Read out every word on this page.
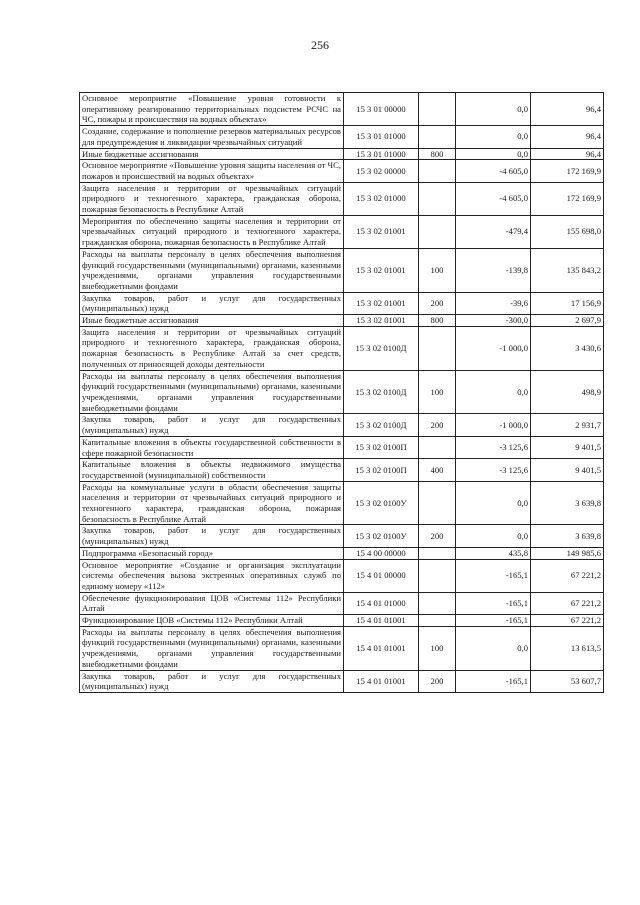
256
Основное мероприятие «Повышение уровня готовности к оперативному реагированию территориальных подсистем РСЧС на ЧС, пожары и происшествия на водных объектах»	15 3 01 00000		0,0	96,4
Создание, содержание и пополнение резервов материальных ресурсов для предупреждения и ликвидации чрезвычайных ситуаций	15 3 01 01000		0,0	96,4
Иные бюджетные ассигнования	15 3 01 01000	800	0,0	96,4
Основное мероприятие «Повышение уровня защиты населения от ЧС, пожаров и происшествий на водных объектах»	15 3 02 00000		-4 605,0	172 169,9
Защита населения и территории от чрезвычайных ситуаций природного и техногенного характера, гражданская оборона, пожарная безопасность в Республике Алтай	15 3 02 01000		-4 605,0	172 169,9
Мероприятия по обеспечению защиты населения и территории от чрезвычайных ситуаций природного и техногенного характера, гражданская оборона, пожарная безопасность в Республике Алтай	15 3 02 01001		-479,4	155 698,0
Расходы на выплаты персоналу в целях обеспечения выполнения функций государственными (муниципальными) органами, казенными учреждениями, органами управления государственными внебюджетными фондами	15 3 02 01001	100	-139,8	135 843,2
Закупка товаров, работ и услуг для государственных (муниципальных) нужд	15 3 02 01001	200	-39,6	17 156,9
Иные бюджетные ассигнования	15 3 02 01001	800	-300,0	2 697,9
Защита населения и территории от чрезвычайных ситуаций природного и техногенного характера, гражданская оборона, пожарная безопасность в Республике Алтай за счет средств, полученных от приносящей доходы деятельности	15 3 02 0100Д		-1 000,0	3 430,6
Расходы на выплаты персоналу в целях обеспечения выполнения функций государственными (муниципальными) органами, казенными учреждениями, органами управления государственными внебюджетными фондами	15 3 02 0100Д	100	0,0	498,9
Закупка товаров, работ и услуг для государственных (муниципальных) нужд	15 3 02 0100Д	200	-1 000,0	2 931,7
Капитальные вложения в объекты государственной собственности в сфере пожарной безопасности	15 3 02 0100П		-3 125,6	9 401,5
Капитальные вложения в объекты недвижимого имущества государственной (муниципальной) собственности	15 3 02 0100П	400	-3 125,6	9 401,5
Расходы на коммунальные услуги в области обеспечения защиты населения и территории от чрезвычайных ситуаций природного и техногенного характера, гражданская оборона, пожарная безопасность в Республике Алтай	15 3 02 0100У		0,0	3 639,8
Закупка товаров, работ и услуг для государственных (муниципальных) нужд	15 3 02 0100У	200	0,0	3 639,8
Подпрограмма «Безопасный город»	15 4 00 00000		435,8	149 985,6
Основное мероприятие «Создание и организация эксплуатации системы обеспечения вызова экстренных оперативных служб по единому номеру «112»	15 4 01 00000		-165,1	67 221,2
Обеспечение функционирования ЦОВ «Системы 112» Республики Алтай	15 4 01 01000		-165,1	67 221,2
Функционирование ЦОВ «Системы 112» Республики Алтай	15 4 01 01001		-165,1	67 221,2
Расходы на выплаты персоналу в целях обеспечения выполнения функций государственными (муниципальными) органами, казенными учреждениями, органами управления государственными внебюджетными фондами	15 4 01 01001	100	0,0	13 613,5
Закупка товаров, работ и услуг для государственных (муниципальных) нужд	15 4 01 01001	200	-165,1	53 607,7
